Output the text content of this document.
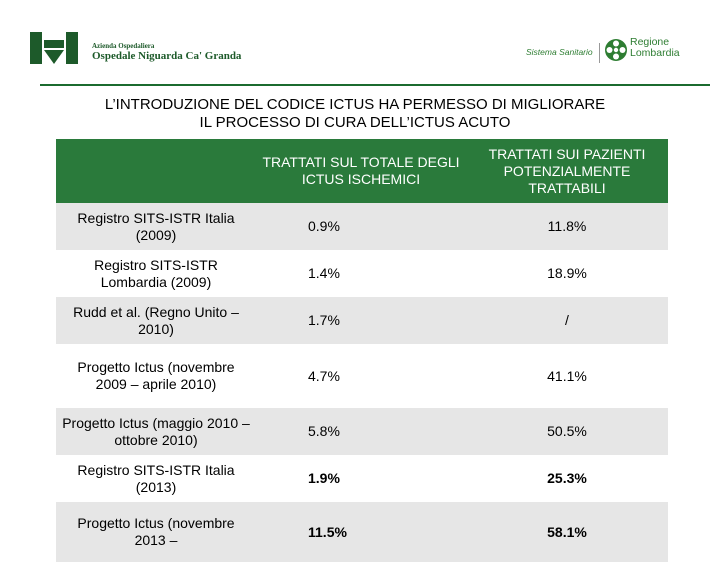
Azienda Ospedaliera
Ospedale Niguarda Ca' Granda	Sistema Sanitario
Regione
Lombardia
L’INTRODUZIONE DEL CODICE ICTUS HA PERMESSO DI MIGLIORARE
IL PROCESSO DI CURA DELL’ICTUS ACUTO
	TRATTATI SUL TOTALE DEGLI ICTUS ISCHEMICI	TRATTATI SUI PAZIENTI POTENZIALMENTE TRATTABILI
Registro SITS-ISTR Italia (2009)	0.9%	11.8%
Registro SITS-ISTR Lombardia (2009)	1.4%	18.9%
Rudd et al. (Regno Unito – 2010)	1.7%	/
Progetto Ictus (novembre 2009 – aprile 2010)	4.7%	41.1%
Progetto Ictus (maggio 2010 – ottobre 2010)	5.8%	50.5%
Registro SITS-ISTR Italia (2013)	1.9%	25.3%
Progetto Ictus (novembre 2013 –	11.5%	58.1%
